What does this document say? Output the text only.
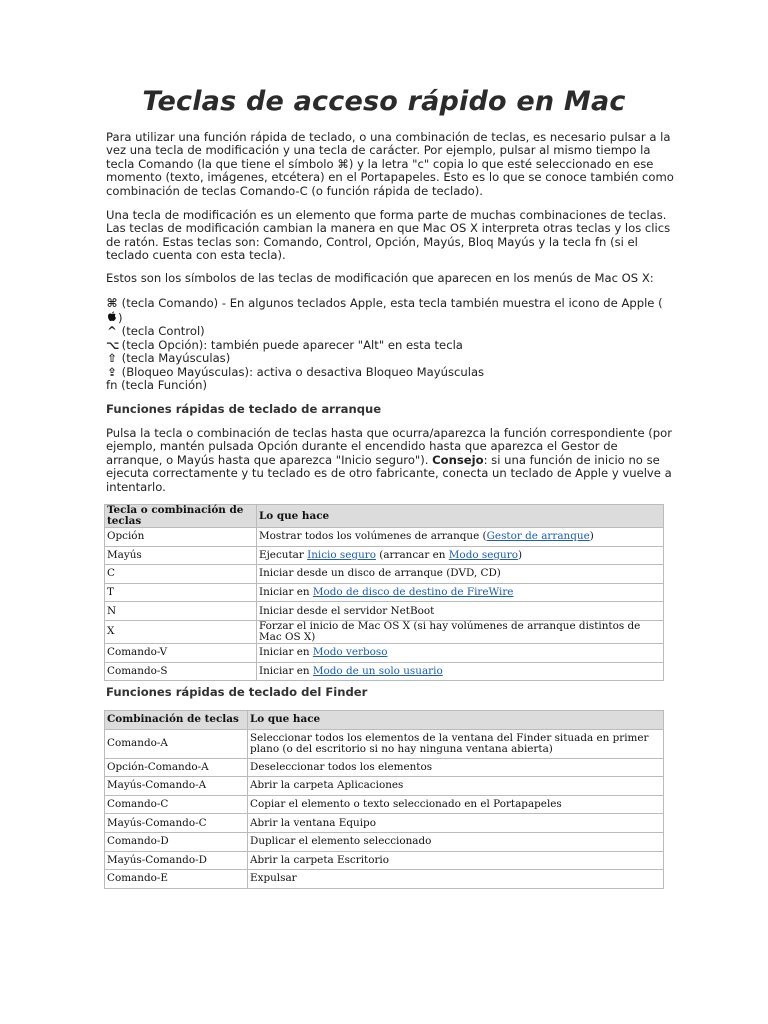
Teclas de acceso rápido en Mac
Para utilizar una función rápida de teclado, o una combinación de teclas, es necesario pulsar a la
vez una tecla de modificación y una tecla de carácter. Por ejemplo, pulsar al mismo tiempo la
tecla Comando (la que tiene el símbolo ⌘) y la letra "c" copia lo que esté seleccionado en ese
momento (texto, imágenes, etcétera) en el Portapapeles. Esto es lo que se conoce también como
combinación de teclas Comando-C (o función rápida de teclado).
Una tecla de modificación es un elemento que forma parte de muchas combinaciones de teclas.
Las teclas de modificación cambian la manera en que Mac OS X interpreta otras teclas y los clics
de ratón. Estas teclas son: Comando, Control, Opción, Mayús, Bloq Mayús y la tecla fn (si el
teclado cuenta con esta tecla).
Estos son los símbolos de las teclas de modificación que aparecen en los menús de Mac OS X:
⌘ (tecla Comando) - En algunos teclados Apple, esta tecla también muestra el icono de Apple (
)
^ (tecla Control)
⌥ (tecla Opción): también puede aparecer "Alt" en esta tecla
⇧ (tecla Mayúsculas)
⇪ (Bloqueo Mayúsculas): activa o desactiva Bloqueo Mayúsculas
fn (tecla Función)
Funciones rápidas de teclado de arranque
Pulsa la tecla o combinación de teclas hasta que ocurra/aparezca la función correspondiente (por
ejemplo, mantén pulsada Opción durante el encendido hasta que aparezca el Gestor de
arranque, o Mayús hasta que aparezca "Inicio seguro"). Consejo: si una función de inicio no se
ejecuta correctamente y tu teclado es de otro fabricante, conecta un teclado de Apple y vuelve a
intentarlo.
Tecla o combinación de teclas	Lo que hace
Opción	Mostrar todos los volúmenes de arranque (Gestor de arranque)
Mayús	Ejecutar Inicio seguro (arrancar en Modo seguro)
C	Iniciar desde un disco de arranque (DVD, CD)
T	Iniciar en Modo de disco de destino de FireWire
N	Iniciar desde el servidor NetBoot
X	Forzar el inicio de Mac OS X (si hay volúmenes de arranque distintos de Mac OS X)
Comando-V	Iniciar en Modo verboso
Comando-S	Iniciar en Modo de un solo usuario
Funciones rápidas de teclado del Finder
Combinación de teclas	Lo que hace
Comando-A	Seleccionar todos los elementos de la ventana del Finder situada en primer plano (o del escritorio si no hay ninguna ventana abierta)
Opción-Comando-A	Deseleccionar todos los elementos
Mayús-Comando-A	Abrir la carpeta Aplicaciones
Comando-C	Copiar el elemento o texto seleccionado en el Portapapeles
Mayús-Comando-C	Abrir la ventana Equipo
Comando-D	Duplicar el elemento seleccionado
Mayús-Comando-D	Abrir la carpeta Escritorio
Comando-E	Expulsar
